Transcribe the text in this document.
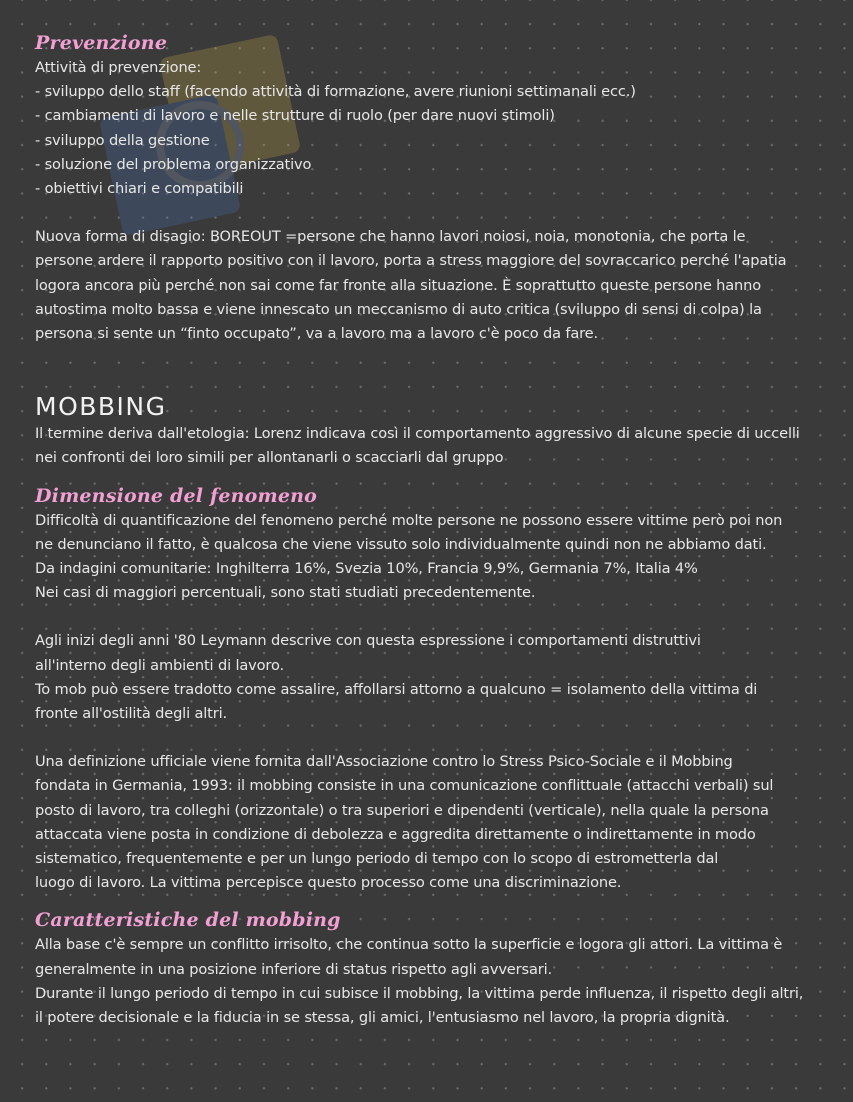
Prevenzione
Attività di prevenzione:
- sviluppo dello staff (facendo attività di formazione, avere riunioni settimanali ecc.)
- cambiamenti di lavoro e nelle strutture di ruolo (per dare nuovi stimoli)
- sviluppo della gestione
- soluzione del problema organizzativo
- obiettivi chiari e compatibili
Nuova forma di disagio: BOREOUT =persone che hanno lavori noiosi, noia, monotonia, che porta le
persone ardere il rapporto positivo con il lavoro, porta a stress maggiore del sovraccarico perché l'apatia
logora ancora più perché non sai come far fronte alla situazione. È soprattutto queste persone hanno
autostima molto bassa e viene innescato un meccanismo di auto critica (sviluppo di sensi di colpa) la
persona si sente un “finto occupato”, va a lavoro ma a lavoro c'è poco da fare.
MOBBING
Il termine deriva dall'etologia: Lorenz indicava così il comportamento aggressivo di alcune specie di uccelli
nei confronti dei loro simili per allontanarli o scacciarli dal gruppo
Dimensione del fenomeno
Difficoltà di quantificazione del fenomeno perché molte persone ne possono essere vittime però poi non
ne denunciano il fatto, è qualcosa che viene vissuto solo individualmente quindi non ne abbiamo dati.
Da indagini comunitarie: Inghilterra 16%, Svezia 10%, Francia 9,9%, Germania 7%, Italia 4%
Nei casi di maggiori percentuali, sono stati studiati precedentemente.
Agli inizi degli anni '80 Leymann descrive con questa espressione i comportamenti distruttivi
all'interno degli ambienti di lavoro.
To mob può essere tradotto come assalire, affollarsi attorno a qualcuno = isolamento della vittima di
fronte all'ostilità degli altri.
Una definizione ufficiale viene fornita dall'Associazione contro lo Stress Psico-Sociale e il Mobbing
fondata in Germania, 1993: il mobbing consiste in una comunicazione conflittuale (attacchi verbali) sul
posto di lavoro, tra colleghi (orizzontale) o tra superiori e dipendenti (verticale), nella quale la persona
attaccata viene posta in condizione di debolezza e aggredita direttamente o indirettamente in modo
sistematico, frequentemente e per un lungo periodo di tempo con lo scopo di estrometterla dal
luogo di lavoro. La vittima percepisce questo processo come una discriminazione.
Caratteristiche del mobbing
Alla base c'è sempre un conflitto irrisolto, che continua sotto la superficie e logora gli attori. La vittima è
generalmente in una posizione inferiore di status rispetto agli avversari.
Durante il lungo periodo di tempo in cui subisce il mobbing, la vittima perde influenza, il rispetto degli altri,
il potere decisionale e la fiducia in se stessa, gli amici, l'entusiasmo nel lavoro, la propria dignità.
